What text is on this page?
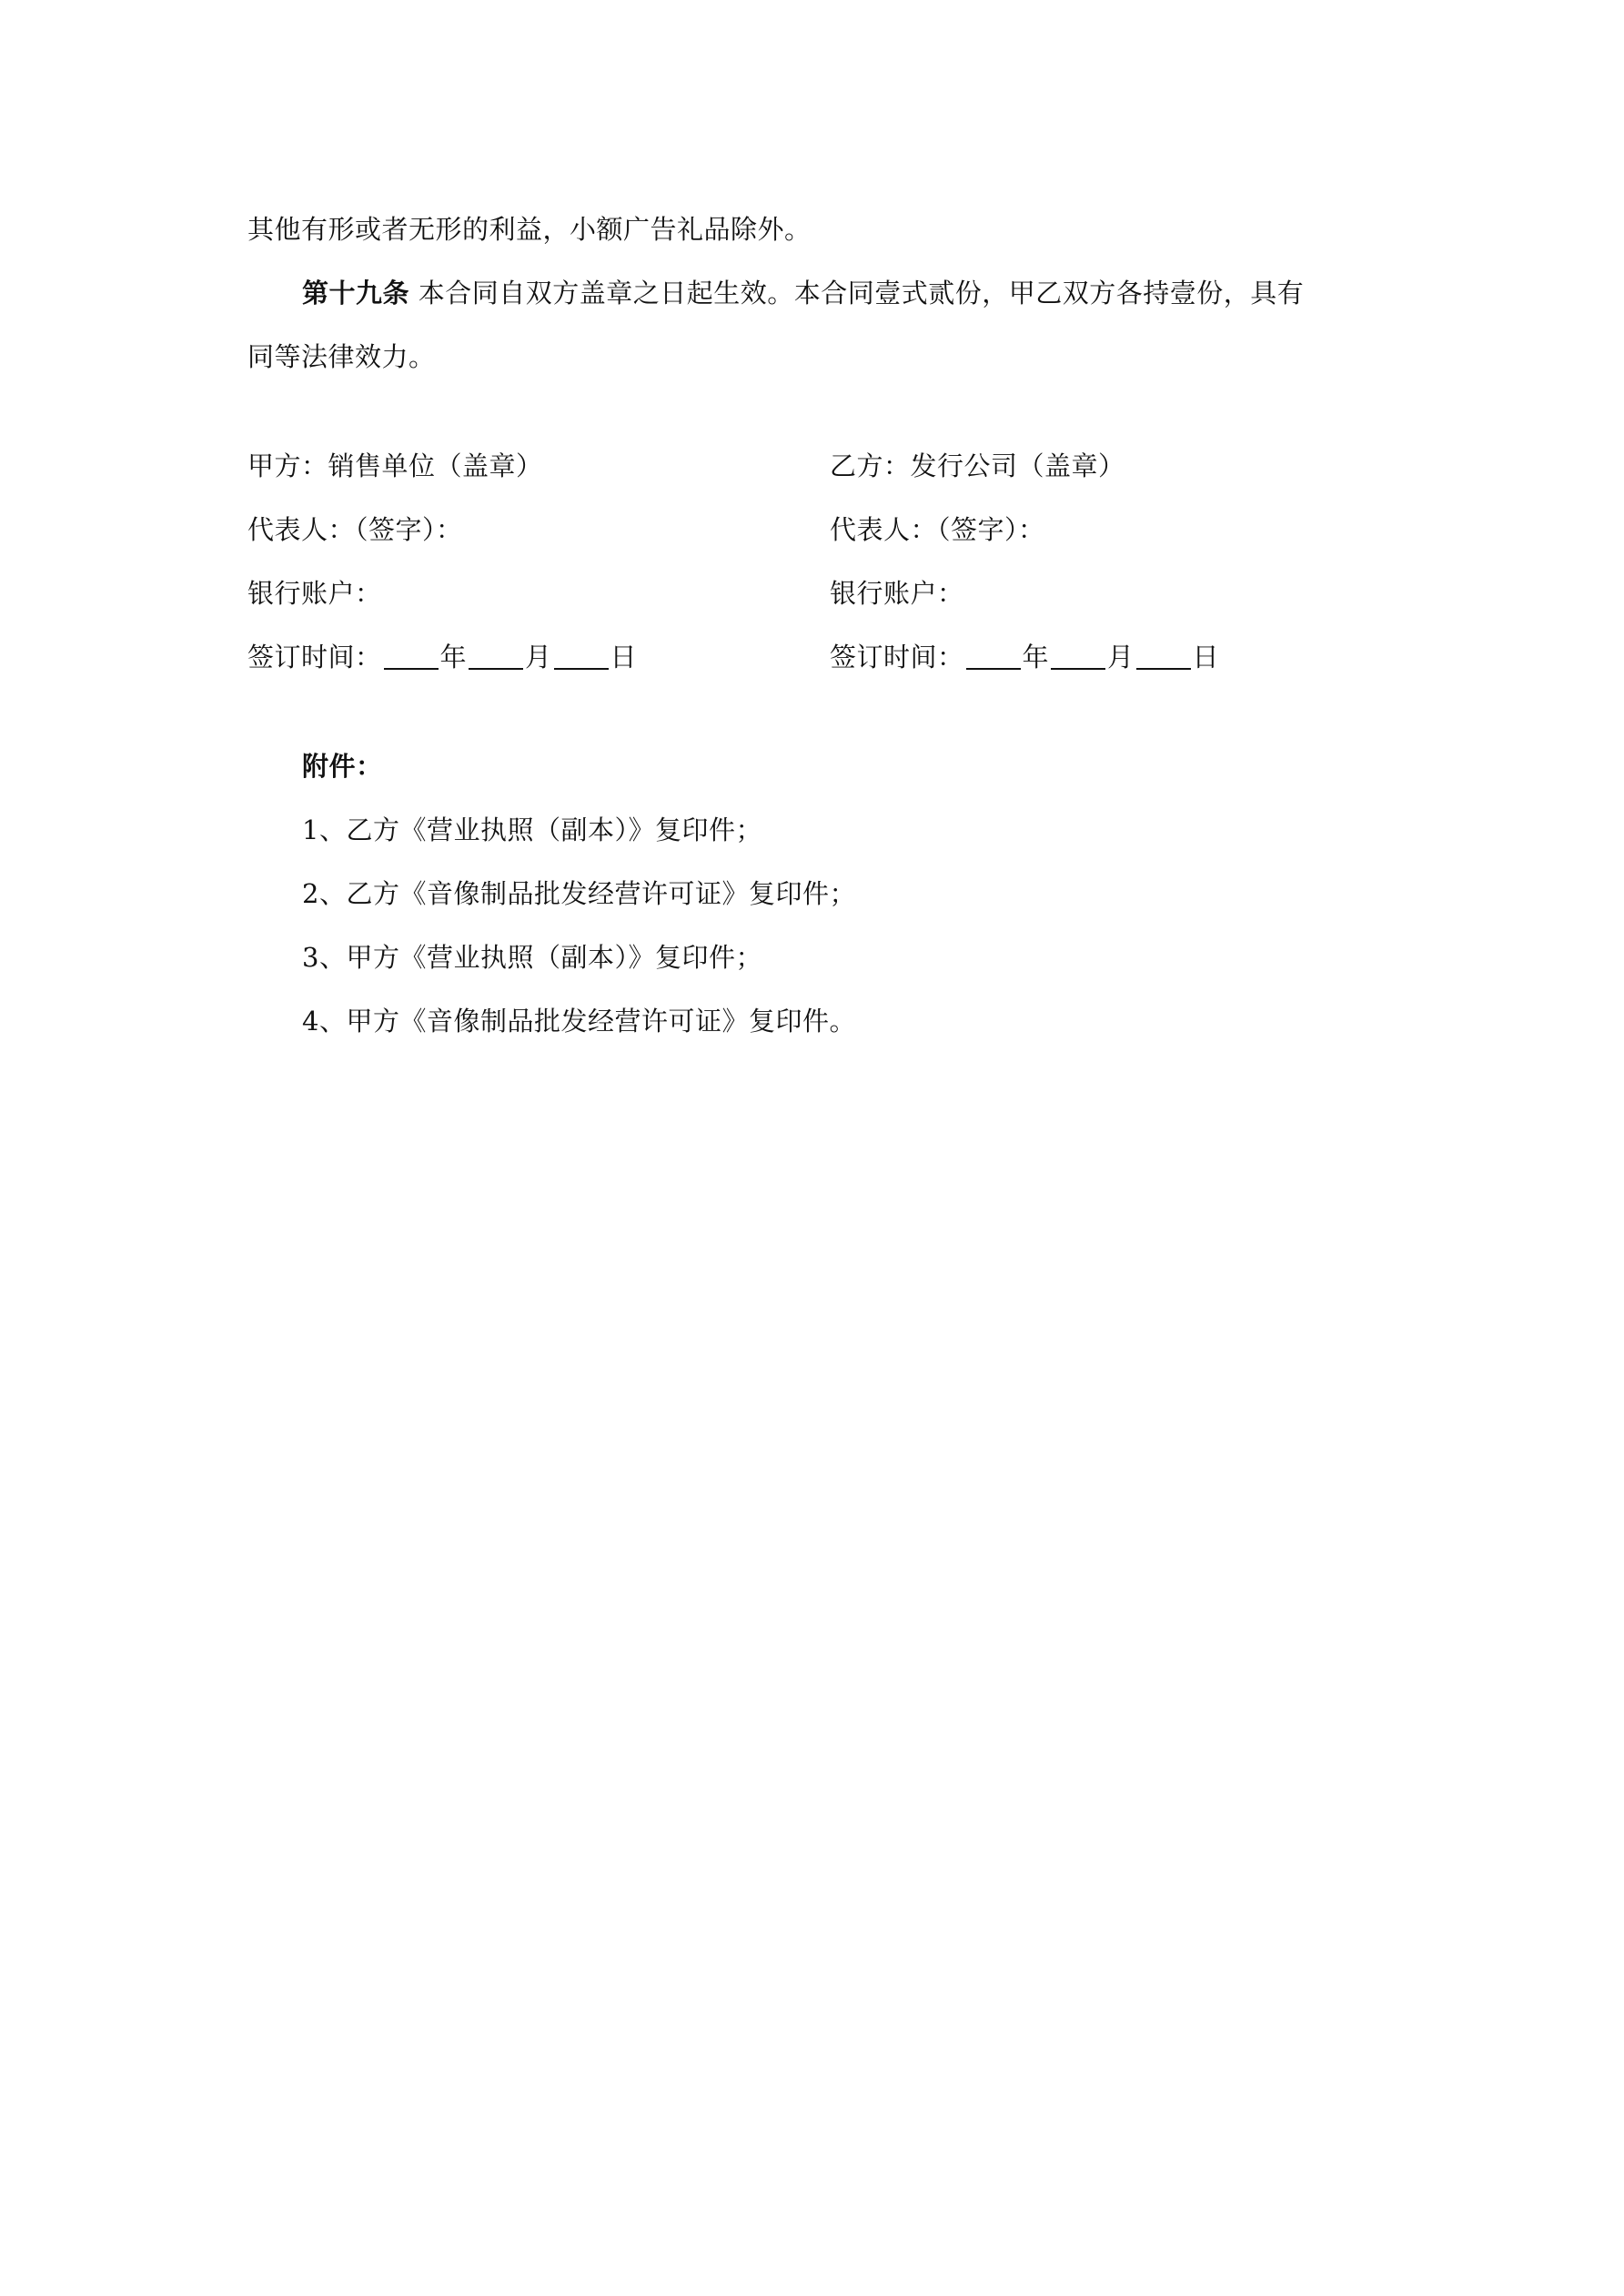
其他有形或者无形的利益，小额广告礼品除外。
第十九条 本合同自双方盖章之日起生效。本合同壹式贰份，甲乙双方各持壹份，具有
同等法律效力。
甲方：销售单位（盖章）
代表人：（签字）：
银行账户：
签订时间： 年 月 日
乙方：发行公司（盖章）
代表人：（签字）：
银行账户：
签订时间： 年 月 日
附件：
1、乙方《营业执照（副本）》复印件；
2、乙方《音像制品批发经营许可证》复印件；
3、甲方《营业执照（副本）》复印件；
4、甲方《音像制品批发经营许可证》复印件。
